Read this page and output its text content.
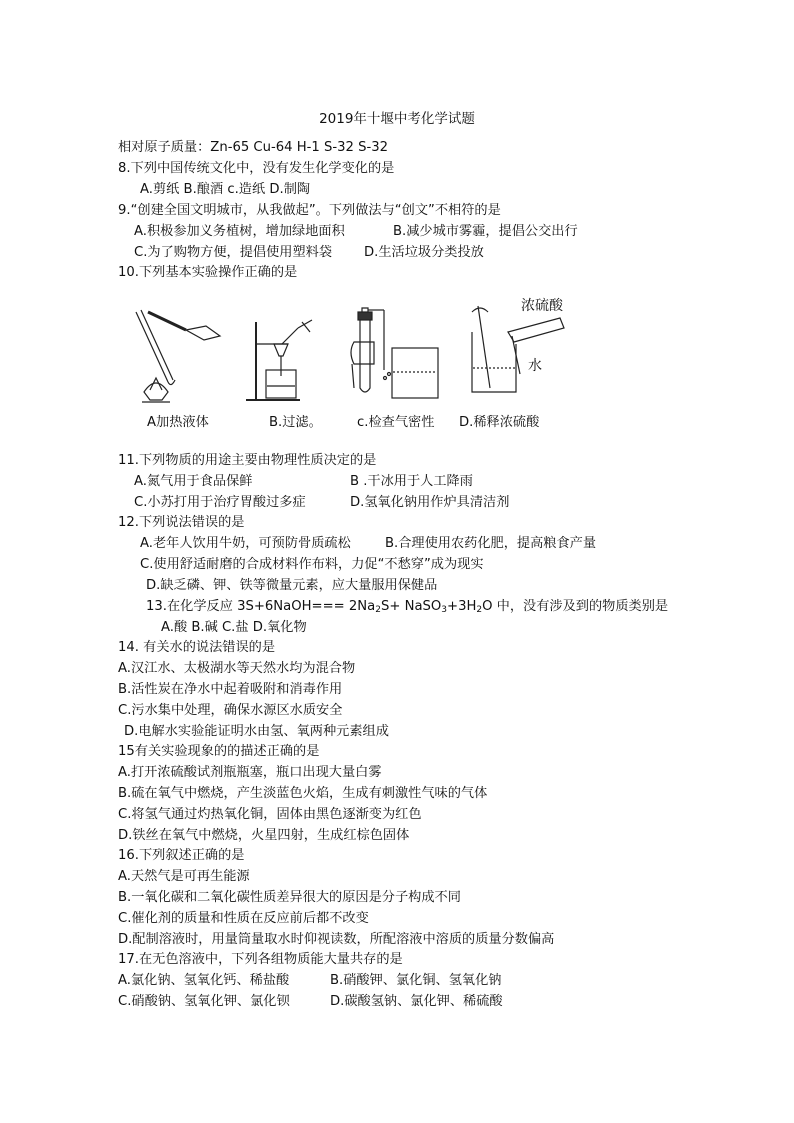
2019年十堰中考化学试题
相对原子质量：Zn-65 Cu-64 H-1 S-32 S-32
8.下列中国传统文化中，没有发生化学变化的是
A.剪纸 B.酿酒 c.造纸 D.制陶
9.“创建全国文明城市，从我做起”。下列做法与“创文”不相符的是
A.积极参加义务植树，增加绿地面积	B.减少城市雾霾，提倡公交出行
C.为了购物方便，提倡使用塑料袋 D.生活垃圾分类投放
10.下列基本实验操作正确的是
浓硫酸
水
A加热液体	B.过滤。	c.检查气密性 D.稀释浓硫酸
11.下列物质的用途主要由物理性质决定的是
A.氮气用于食品保鲜	B .干冰用于人工降雨
C.小苏打用于治疗胃酸过多症	D.氢氧化钠用作炉具清洁剂
12.下列说法错误的是
A.老年人饮用牛奶，可预防骨质疏松	B.合理使用农药化肥，提高粮食产量
C.使用舒适耐磨的合成材料作布料，力促“不愁穿”成为现实
D.缺乏磷、钾、铁等微量元素，应大量服用保健品
13.在化学反应 3S+6NaOH=== $2Na_2S+$ $NaSO_3+3H_2O$ 中，没有涉及到的物质类别是
A.酸 B.碱 C.盐 D.氧化物
14. 有关水的说法错误的是
A.汉江水、太极湖水等天然水均为混合物
B.活性炭在净水中起着吸附和消毒作用
C.污水集中处理，确保水源区水质安全
D.电解水实验能证明水由氢、氧两种元素组成
15有关实验现象的的描述正确的是
A.打开浓硫酸试剂瓶瓶塞，瓶口出现大量白雾
B.硫在氧气中燃烧，产生淡蓝色火焰，生成有刺激性气味的气体
C.将氢气通过灼热氧化铜，固体由黑色逐渐变为红色
D.铁丝在氧气中燃烧，火星四射，生成红棕色固体
16.下列叙述正确的是
A.天然气是可再生能源
B.一氧化碳和二氧化碳性质差异很大的原因是分子构成不同
C.催化剂的质量和性质在反应前后都不改变
D.配制溶液时，用量筒量取水时仰视读数，所配溶液中溶质的质量分数偏高
17.在无色溶液中，下列各组物质能大量共存的是
A.氯化钠、氢氧化钙、稀盐酸	B.硝酸钾、氯化铜、氢氧化钠
C.硝酸钠、氢氧化钾、氯化钡	D.碳酸氢钠、氯化钾、稀硫酸
